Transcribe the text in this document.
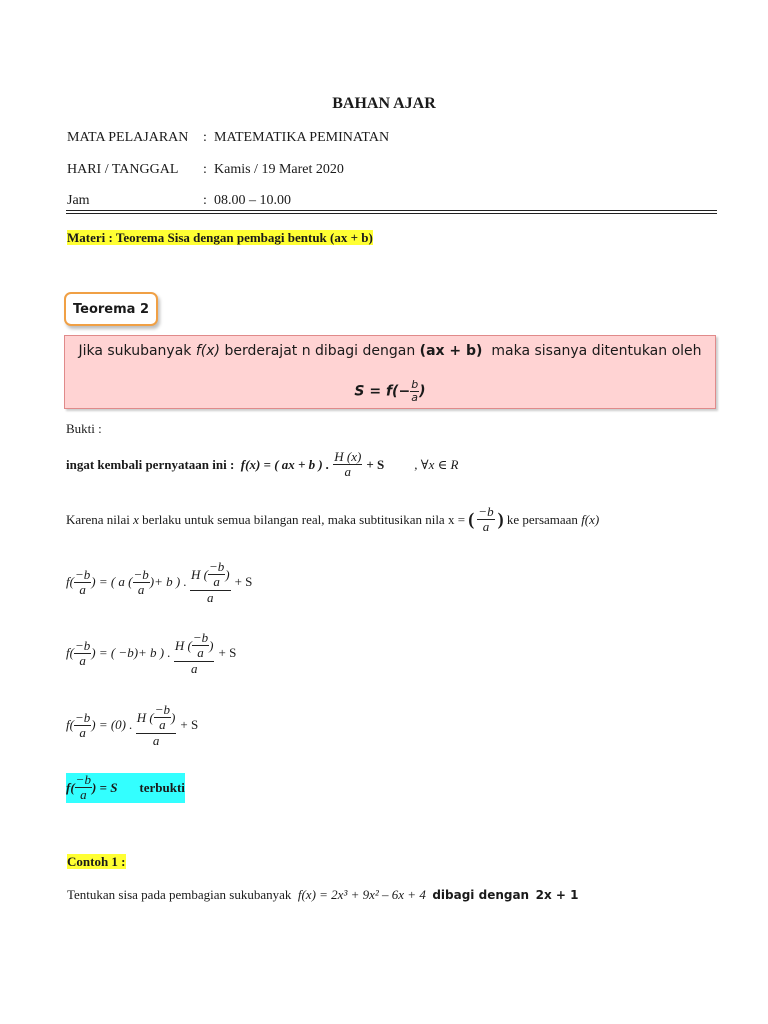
BAHAN AJAR
MATA PELAJARAN : MATEMATIKA PEMINATAN
HARI / TANGGAL : Kamis / 19 Maret 2020
Jam	: 08.00 – 10.00
Materi : Teorema Sisa dengan pembagi bentuk (ax + b)
Teorema 2
Jika sukubanyak f(x) berderajat n dibagi dengan (ax + b) maka sisanya ditentukan oleh
$S = f(- \frac{b}{a}$ )
Bukti :
ingat kembali pernyataan ini :
f(x) = ( ax + b ) . $\frac{H (x)}{a} + S$ , ∀x ∈ R
Karena nilai
x
berlaku untuk semua bilangan real, maka subtitusikan nila x =
( $\frac{-b}{a}$ )
ke persamaan
f(x)
$f( \frac{-b}{a}$ ) =
( a ( $\frac{-b}{a}$ )+ b ) .
$\frac{H ( \frac{-b}{a} )}{a} + S$
$f( \frac{-b}{a}$ ) =
( −b)+ b ) .
$\frac{H ( \frac{-b}{a} )}{a} + S$
$f( \frac{-b}{a}$ ) =
(0) .
$\frac{H ( \frac{-b}{a} )}{a} + S$
$f( \frac{-b}{a}$ ) = S terbukti
Contoh 1 :
Tentukan sisa pada pembagian sukubanyak f(x) = 2x³ + 9x² – 6x + 4 dibagi dengan 2x + 1
